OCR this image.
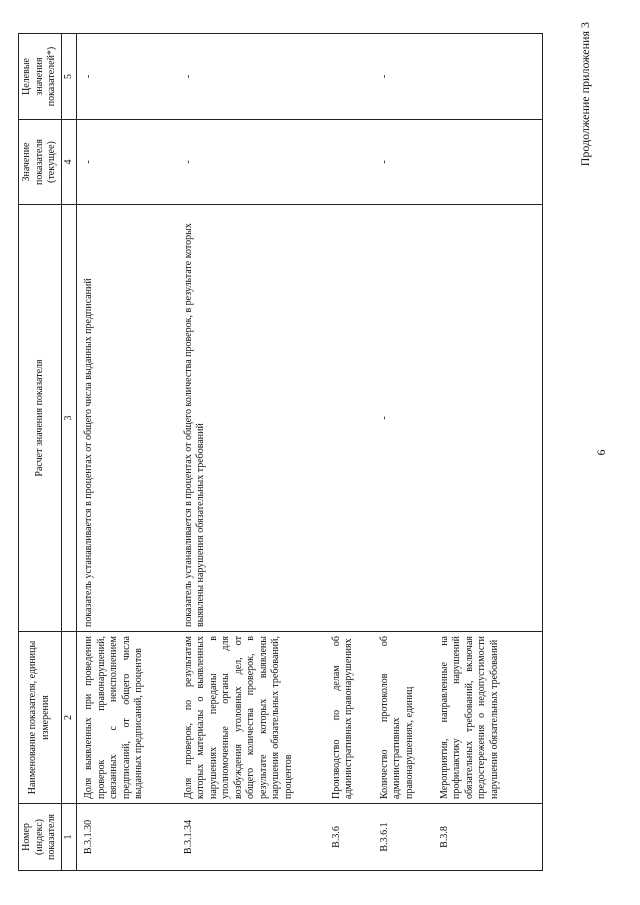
Продолжение приложения 3
6
Номер (индекс) показателя	Наименование показателя, единицы измерения	Расчет значения показателя	Значение показателя (текущее)	Целевые значения показателей*)
1	2	3	4	5
B.3.1.30	Доля выявленных при проведении проверок правонарушений, связанных с неисполнением предписаний, от общего числа выданных предписаний, процентов	показатель устанавливается в процентах от общего числа выданных предписаний	-	-
B.3.1.34	Доля проверок, по результатам которых материалы о выявленных нарушениях переданы в уполномоченные органы для возбуждения уголовных дел, от общего количества проверок, в результате которых выявлены нарушения обязательных требований, процентов	показатель устанавливается в процентах от общего количества проверок, в результате которых выявлены нарушения обязательных требований	-	-
B.3.6	Производство по делам об административных правонарушениях			
B.3.6.1	Количество протоколов об административных правонарушениях, единиц	-	-	-
B.3.8	Мероприятия, направленные на профилактику нарушений обязательных требований, включая предостережения о недопустимости нарушения обязательных требований			
